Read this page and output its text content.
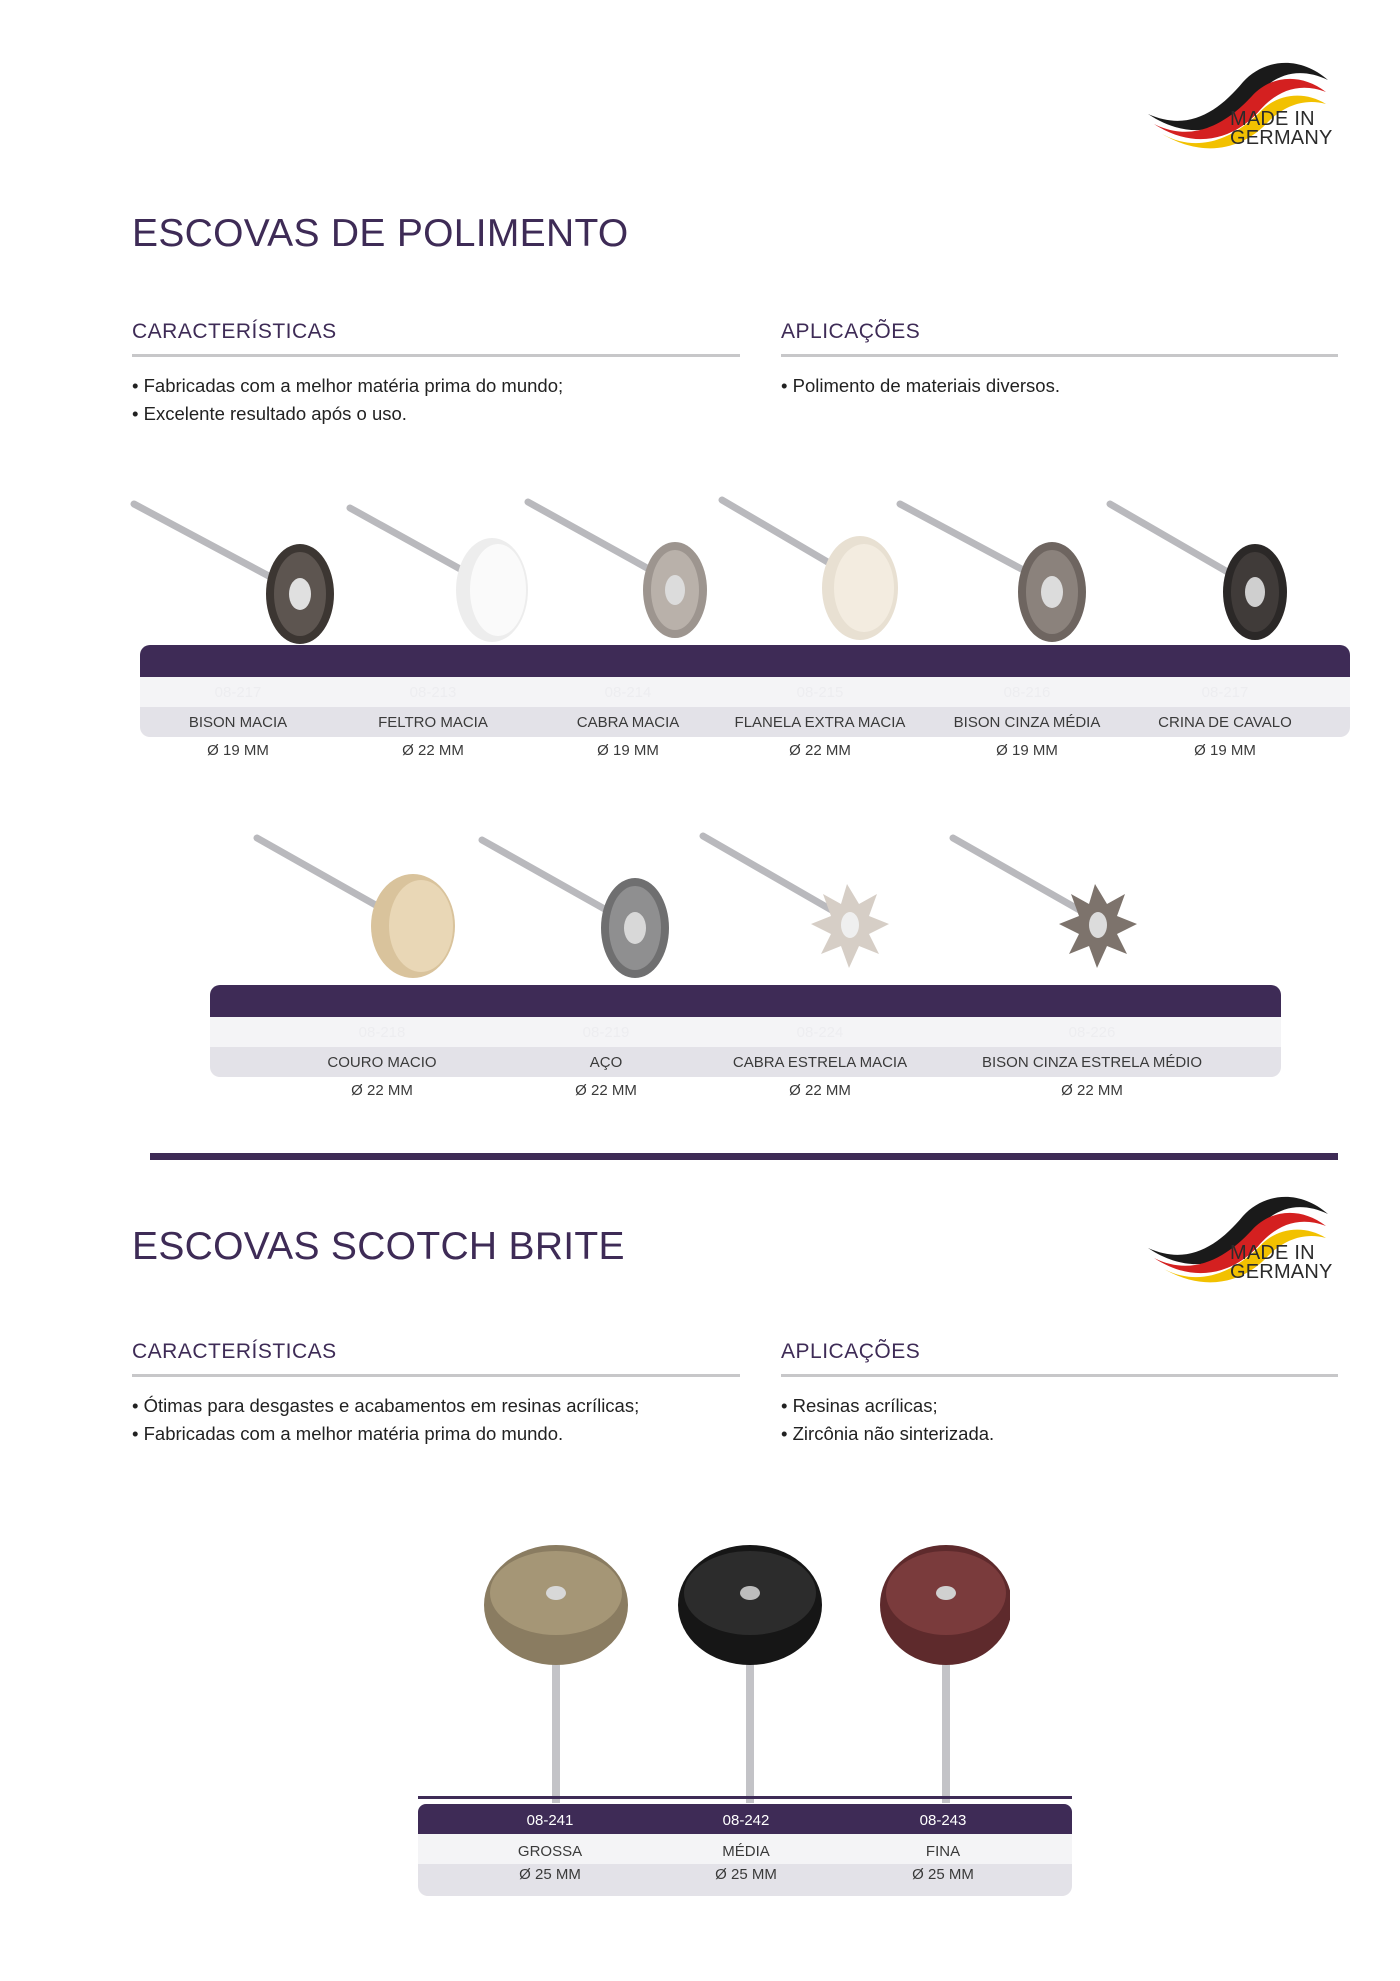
MADE IN
GERMANY
ESCOVAS DE POLIMENTO
CARACTERÍSTICAS
• Fabricadas com a melhor matéria prima do mundo;
• Excelente resultado após o uso.
APLICAÇÕES
• Polimento de materiais diversos.
08-217
BISON MACIA
Ø 19 MM
08-213
FELTRO MACIA
Ø 22 MM
08-214
CABRA MACIA
Ø 19 MM
08-215
FLANELA EXTRA MACIA
Ø 22 MM
08-216
BISON CINZA MÉDIA
Ø 19 MM
08-217
CRINA DE CAVALO
Ø 19 MM
08-218
COURO MACIO
Ø 22 MM
08-219
AÇO
Ø 22 MM
08-224
CABRA ESTRELA MACIA
Ø 22 MM
08-226
BISON CINZA ESTRELA MÉDIO
Ø 22 MM
MADE IN
GERMANY
ESCOVAS SCOTCH BRITE
CARACTERÍSTICAS
• Ótimas para desgastes e acabamentos em resinas acrílicas;
• Fabricadas com a melhor matéria prima do mundo.
APLICAÇÕES
• Resinas acrílicas;
• Zircônia não sinterizada.
08-241
GROSSA
Ø 25 MM
08-242
MÉDIA
Ø 25 MM
08-243
FINA
Ø 25 MM
